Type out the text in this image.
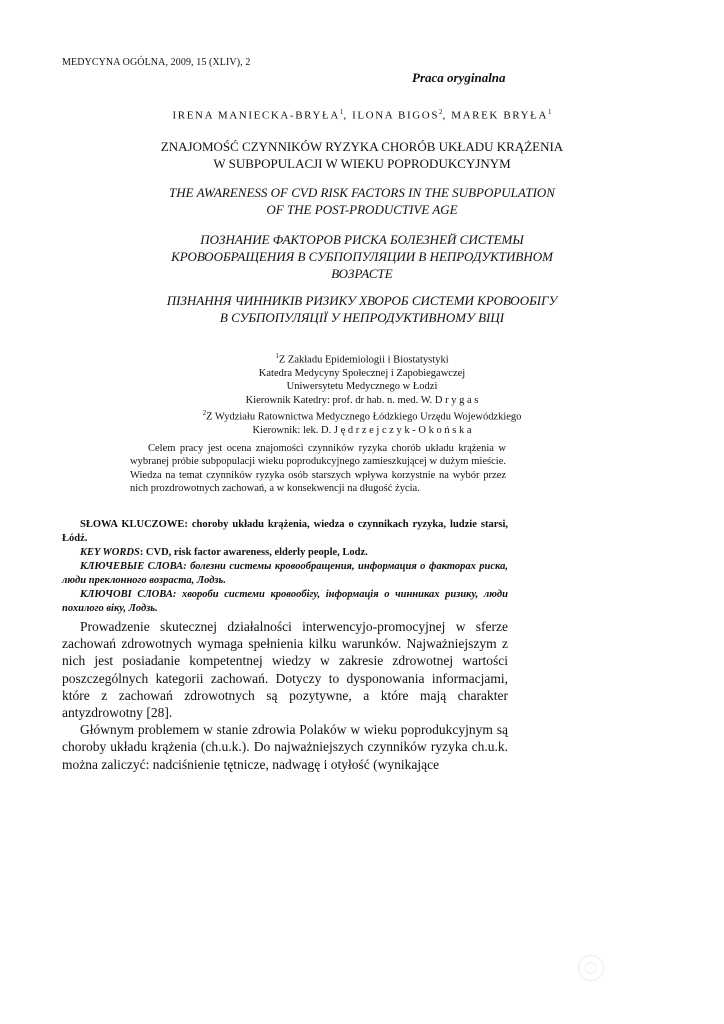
MEDYCYNA OGÓLNA, 2009, 15 (XLIV), 2
Praca oryginalna
IRENA MANIECKA-BRYŁA$^1$, ILONA BIGOS$^2$, MAREK BRYŁA$^1$
ZNAJOMOŚĆ CZYNNIKÓW RYZYKA CHORÓB UKŁADU KRĄŻENIA
W SUBPOPULACJI W WIEKU POPRODUKCYJNYM
THE AWARENESS OF CVD RISK FACTORS IN THE SUBPOPULATION
OF THE POST-PRODUCTIVE AGE
ПОЗНАНИЕ ФАКТОРОВ РИСКА БОЛЕЗНЕЙ СИСТЕМЫ
КРОВООБРАЩЕНИЯ В СУБПОПУЛЯЦИИ В НЕПРОДУКТИВНОМ
ВОЗРАСТЕ
ПІЗНАННЯ ЧИННИКІВ РИЗИКУ ХВОРОБ СИСТЕМИ КРОВООБІГУ
В СУБПОПУЛЯЦІЇ У НЕПРОДУКТИВНОМУ ВІЦІ
$^1$Z Zakładu Epidemiologii i Biostatystyki
Katedra Medycyny Społecznej i Zapobiegawczej
Uniwersytetu Medycznego w Łodzi
Kierownik Katedry: prof. dr hab. n. med. W. D r y g a s
$^2$Z Wydziału Ratownictwa Medycznego Łódzkiego Urzędu Wojewódzkiego
Kierownik: lek. D. J ę d r z e j c z y k - O k o ń s k a
Celem pracy jest ocena znajomości czynników ryzyka chorób układu krążenia w wybranej próbie subpopulacji wieku poprodukcyjnego zamieszkującej w dużym mieście. Wiedza na temat czynników ryzyka osób starszych wpływa korzystnie na wybór przez nich prozdrowotnych zachowań, a w konsekwencji na długość życia.

SŁOWA KLUCZOWE: choroby układu krążenia, wiedza o czynnikach ryzyka, ludzie starsi, Łódź.

KEY WORDS: CVD, risk factor awareness, elderly people, Lodz.

КЛЮЧЕВЫЕ СЛОВА: болезни системы кровообращения, информация о факторах риска, люди преклонного возраста, Лодзь.

КЛЮЧОВІ СЛОВА: хвороби системи кровообігу, інформація о чинниках ризику, люди похилого віку, Лодзь.

Prowadzenie skutecznej działalności interwencyjo-promocyjnej w sferze zachowań zdrowotnych wymaga spełnienia kilku warunków. Najważniejszym z nich jest posiadanie kompetentnej wiedzy w zakresie zdrowotnej wartości poszczególnych kategorii zachowań. Dotyczy to dysponowania informacjami, które z zachowań zdrowotnych są pozytywne, a które mają charakter antyzdrowotny [28].

Głównym problemem w stanie zdrowia Polaków w wieku poprodukcyjnym są choroby układu krążenia (ch.u.k.). Do najważniejszych czynników ryzyka ch.u.k. można zaliczyć: nadciśnienie tętnicze, nadwagę i otyłość (wynikające
